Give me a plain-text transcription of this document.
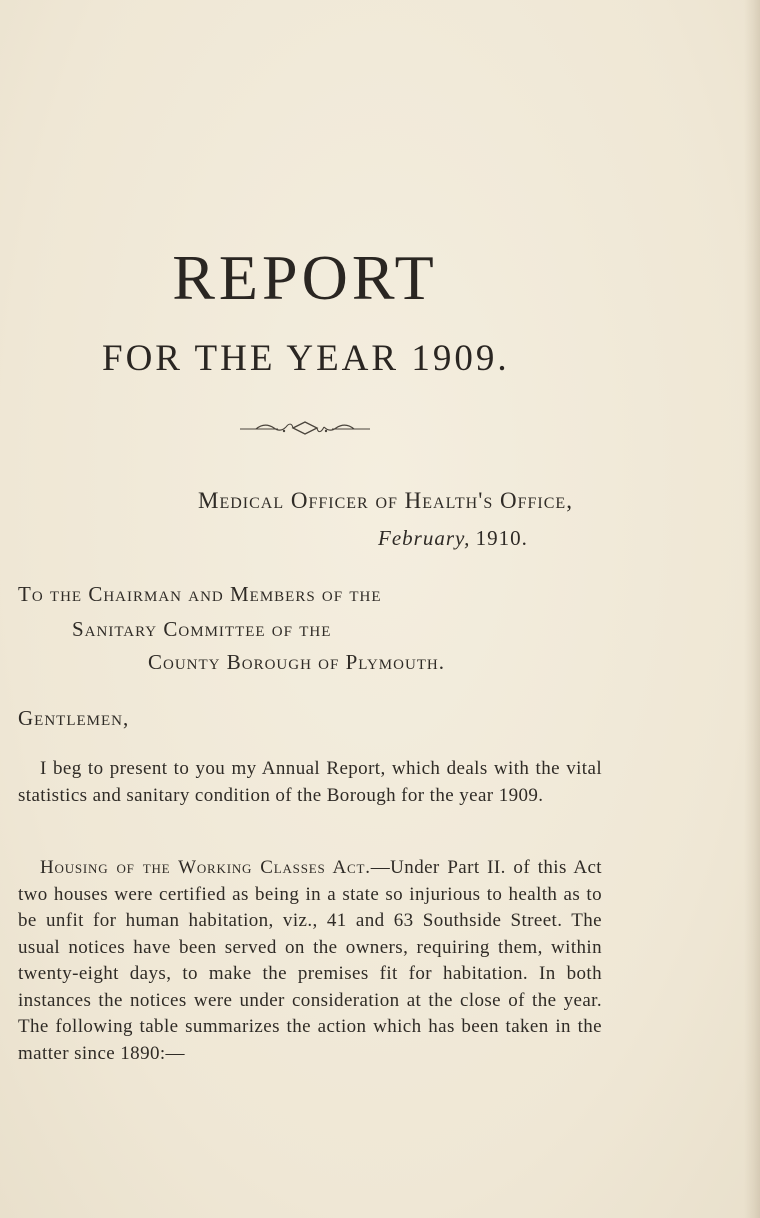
REPORT
FOR THE YEAR 1909.
Medical Officer of Health's Office,
February, 1910.
To the Chairman and Members of the
Sanitary Committee of the
County Borough of Plymouth.
Gentlemen,
I beg to present to you my Annual Report, which deals with the vital statistics and sanitary condition of the Borough for the year 1909.
Housing of the Working Classes Act.—Under Part II. of this Act two houses were certified as being in a state so injurious to health as to be unfit for human habitation, viz., 41 and 63 Southside Street. The usual notices have been served on the owners, requiring them, within twenty-eight days, to make the premises fit for habitation. In both instances the notices were under consideration at the close of the year. The following table summarizes the action which has been taken in the matter since 1890:—
